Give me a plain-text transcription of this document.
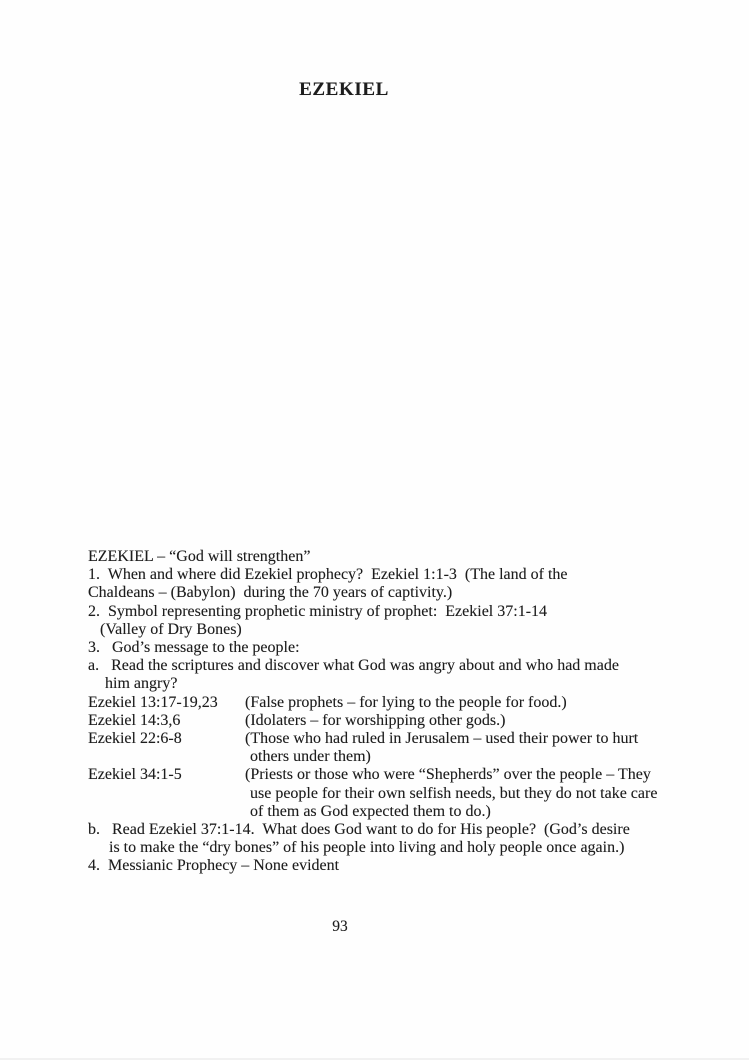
EZEKIEL
EZEKIEL – “God will strengthen”
1.  When and where did Ezekiel prophecy?  Ezekiel 1:1-3  (The land of the
Chaldeans – (Babylon)  during the 70 years of captivity.)
2.  Symbol representing prophetic ministry of prophet:  Ezekiel 37:1-14
(Valley of Dry Bones)
3.   God’s message to the people:
a.   Read the scriptures and discover what God was angry about and who had made
him angry?
Ezekiel 13:17-19,23	(False prophets – for lying to the people for food.)
Ezekiel 14:3,6	(Idolaters – for worshipping other gods.)
Ezekiel 22:6-8	(Those who had ruled in Jerusalem – used their power to hurt
others under them)
Ezekiel 34:1-5	(Priests or those who were “Shepherds” over the people – They
use people for their own selfish needs, but they do not take care
of them as God expected them to do.)
b.   Read Ezekiel 37:1-14.  What does God want to do for His people?  (God’s desire
is to make the “dry bones” of his people into living and holy people once again.)
4.  Messianic Prophecy – None evident
93
